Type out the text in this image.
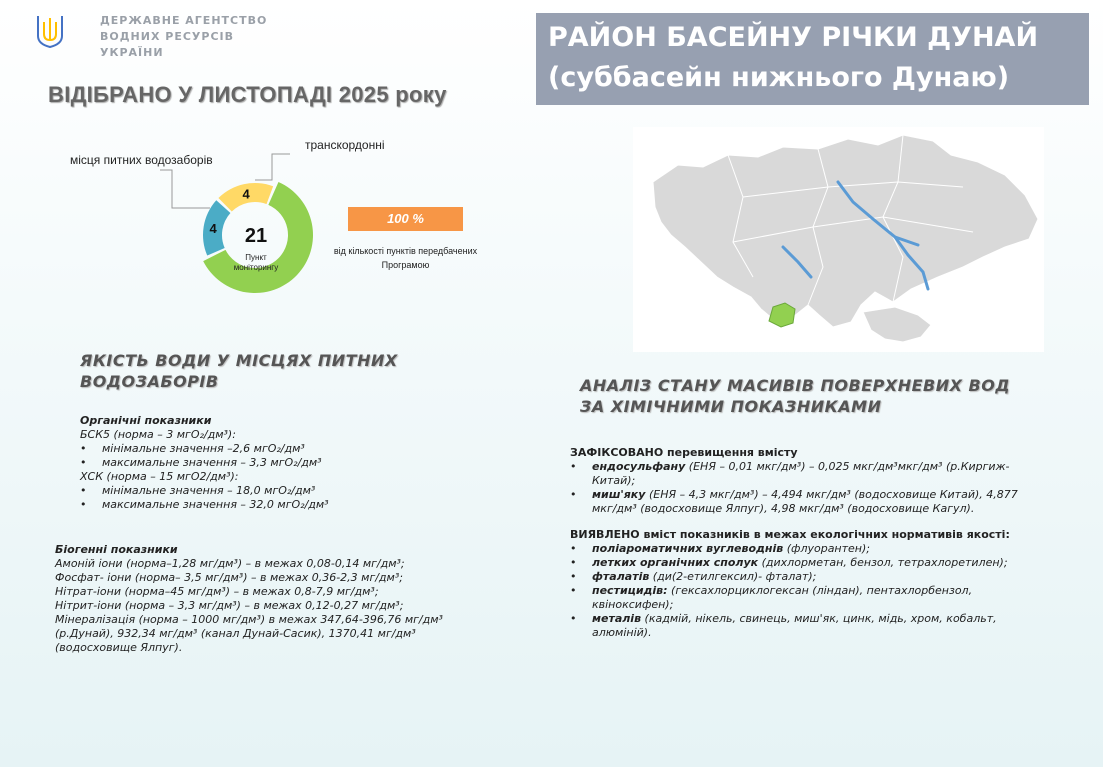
ДЕРЖАВНЕ АГЕНТСТВО
ВОДНИХ РЕСУРСІВ УКРАЇНИ	РАЙОН БАСЕЙНУ РІЧКИ ДУНАЙ
(суббасейн нижнього Дунаю)
ВІДІБРАНО У ЛИСТОПАДІ 2025 року
місця питних водозаборів
транскордонні
21
Пункт
моніторингу
4
4
100 %
від кількості пунктів передбачених
Програмою
ЯКІСТЬ ВОДИ У МІСЦЯХ ПИТНИХ
ВОДОЗАБОРІВ
Органічні показники
БСК5 (норма – 3 мгО₂/дм³):
• мінімальне значення –2,6 мгО₂/дм³
• максимальне значення – 3,3 мгО₂/дм³
ХСК (норма – 15 мгО2/дм³):
• мінімальне значення – 18,0 мгО₂/дм³
• максимальне значення – 32,0 мгО₂/дм³
Біогенні показники
Амоній іони (норма–1,28 мг/дм³) – в межах 0,08-0,14 мг/дм³;
Фосфат- іони (норма– 3,5 мг/дм³) – в межах 0,36-2,3 мг/дм³;
Нітрат-іони (норма–45 мг/дм³) – в межах 0,8-7,9 мг/дм³;
Нітрит-іони (норма – 3,3 мг/дм³) – в межах 0,12-0,27 мг/дм³;
Мінералізація (норма – 1000 мг/дм³) в межах 347,64-396,76 мг/дм³
(р.Дунай), 932,34 мг/дм³ (канал Дунай-Сасик), 1370,41 мг/дм³
(водосховище Ялпуг).
АНАЛІЗ СТАНУ МАСИВІВ ПОВЕРХНЕВИХ ВОД
ЗА ХІМІЧНИМИ ПОКАЗНИКАМИ
ЗАФІКСОВАНО перевищення вмісту
•	ендосульфану (ЕНЯ – 0,01 мкг/дм³) – 0,025 мкг/дм³мкг/дм³ (р.Киргиж-Китай);
•	миш'яку (ЕНЯ – 4,3 мкг/дм³) – 4,494 мкг/дм³ (водосховище Китай), 4,877 мкг/дм³ (водосховище Ялпуг), 4,98 мкг/дм³ (водосховище Кагул).
ВИЯВЛЕНО вміст показників в межах екологічних нормативів якості:
•	поліароматичних вуглеводнів (флуорантен);
•	летких органічних сполук (дихлорметан, бензол, тетрахлоретилен);
•	фталатів (ди(2-етилгексил)- фталат);
•	пестицидів: (гексахлорциклогексан (ліндан), пентахлорбензол, квіноксифен);
•	металів (кадмій, нікель, свинець, миш'як, цинк, мідь, хром, кобальт, алюміній).
